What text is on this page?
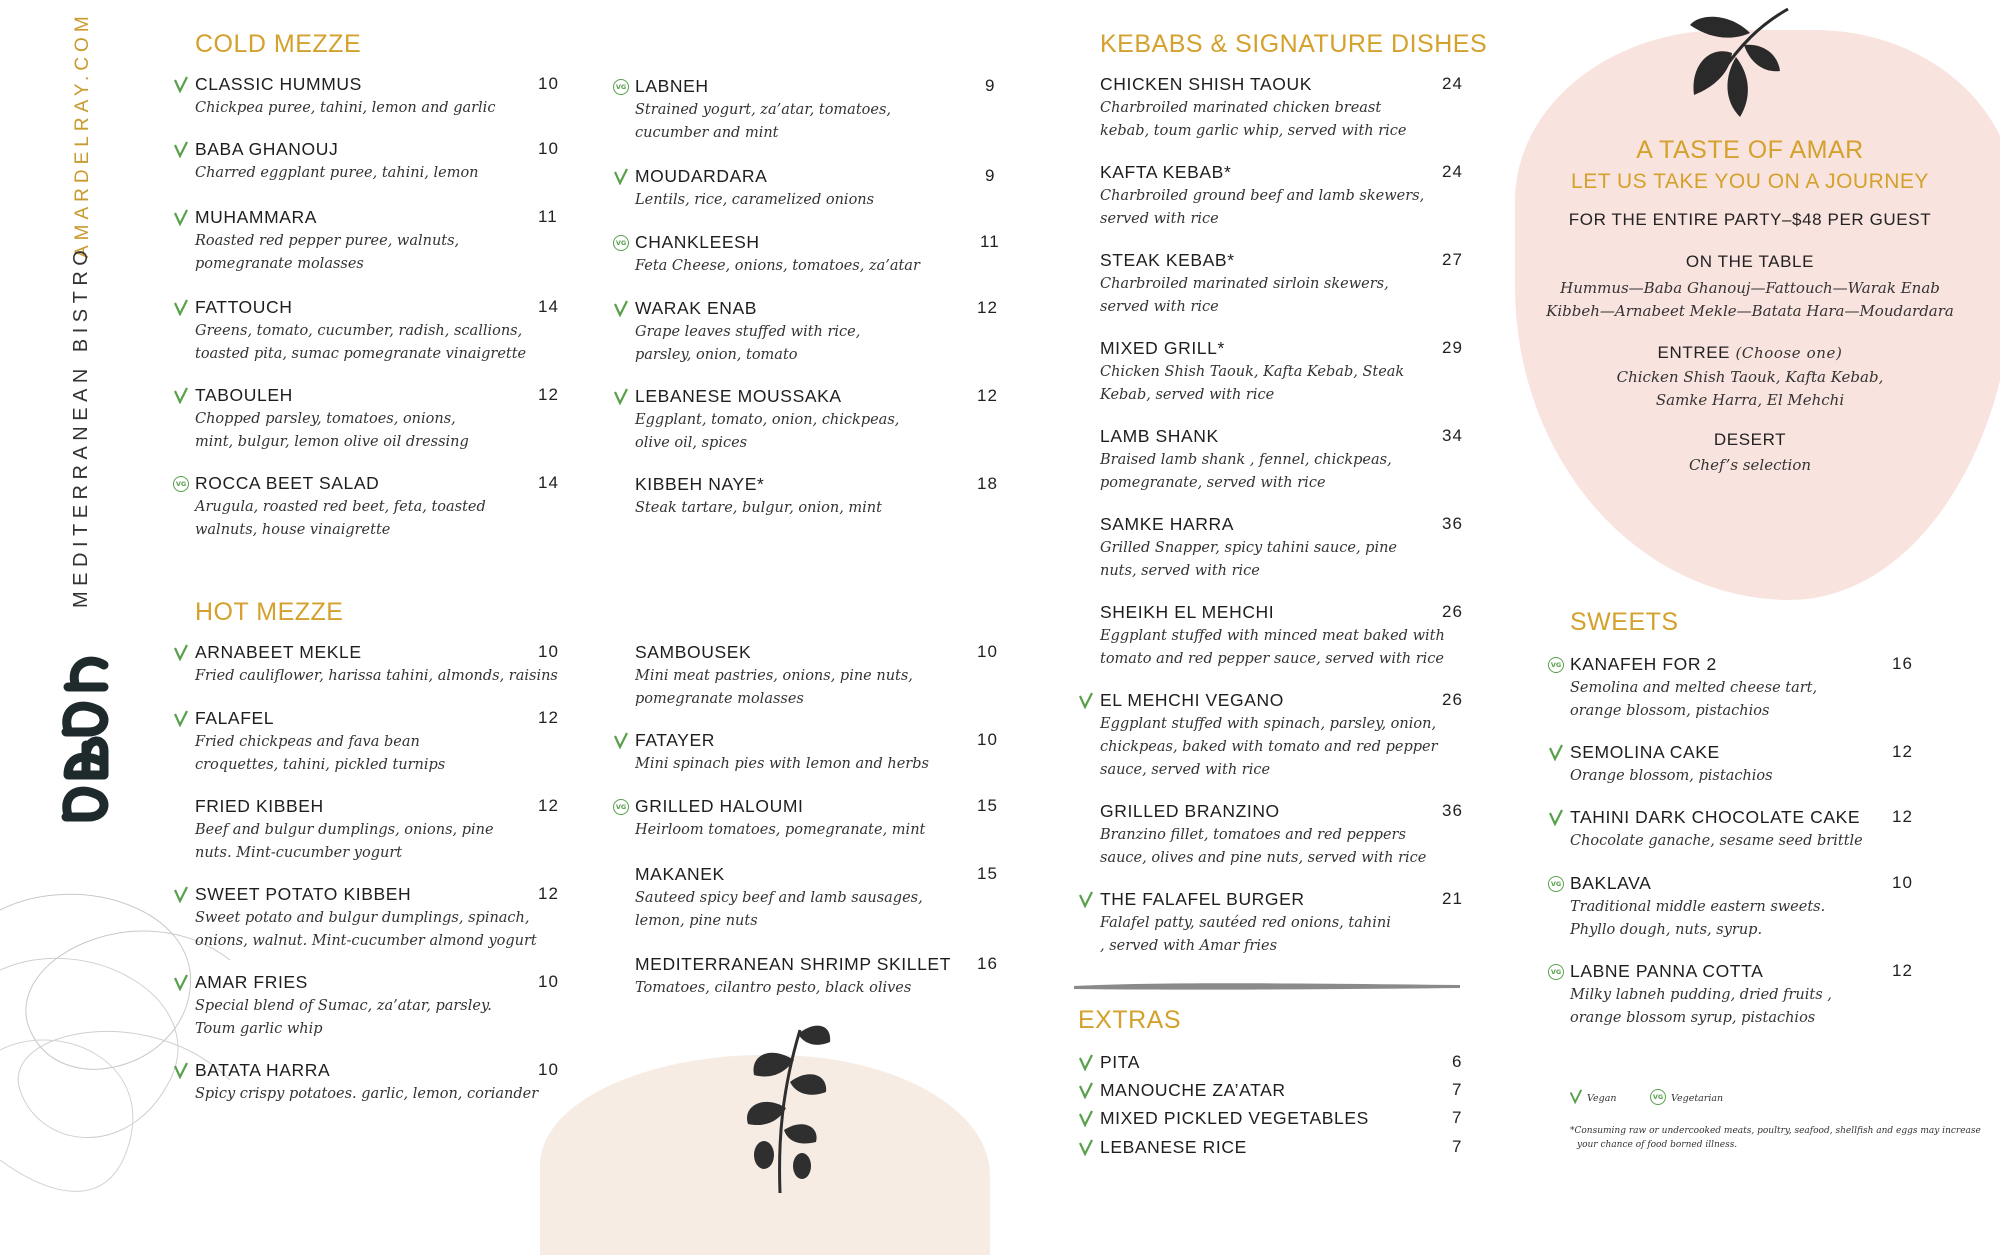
AMARDELRAY.COM
MEDITERRANEAN BISTRO
COLD MEZZE
CLASSIC HUMMUS
Chickpea puree, tahini, lemon and garlic
10
BABA GHANOUJ
Charred eggplant puree, tahini, lemon
10
MUHAMMARA
Roasted red pepper puree, walnuts, pomegranate molasses
11
FATTOUCH
Greens, tomato, cucumber, radish, scallions, toasted pita, sumac pomegranate vinaigrette
14
TABOULEH
Chopped parsley, tomatoes, onions, mint, bulgur, lemon olive oil dressing
12
VG ROCCA BEET SALAD
Arugula, roasted red beet, feta, toasted walnuts, house vinaigrette
14
VG LABNEH
Strained yogurt, za’atar, tomatoes, cucumber and mint
9
MOUDARDARA
Lentils, rice, caramelized onions
9
VG CHANKLEESH
Feta Cheese, onions, tomatoes, za’atar
11
WARAK ENAB
Grape leaves stuffed with rice, parsley, onion, tomato
12
LEBANESE MOUSSAKA
Eggplant, tomato, onion, chickpeas, olive oil, spices
12
KIBBEH NAYE*
Steak tartare, bulgur, onion, mint
18
HOT MEZZE
ARNABEET MEKLE
Fried cauliflower, harissa tahini, almonds, raisins
10
FALAFEL
Fried chickpeas and fava bean croquettes, tahini, pickled turnips
12
FRIED KIBBEH
Beef and bulgur dumplings, onions, pine nuts. Mint-cucumber yogurt
12
SWEET POTATO KIBBEH
Sweet potato and bulgur dumplings, spinach, onions, walnut. Mint-cucumber almond yogurt
12
AMAR FRIES
Special blend of Sumac, za’atar, parsley. Toum garlic whip
10
BATATA HARRA
Spicy crispy potatoes. garlic, lemon, coriander
10
SAMBOUSEK
Mini meat pastries, onions, pine nuts, pomegranate molasses
10
FATAYER
Mini spinach pies with lemon and herbs
10
VG GRILLED HALOUMI
Heirloom tomatoes, pomegranate, mint
15
MAKANEK
Sauteed spicy beef and lamb sausages, lemon, pine nuts
15
MEDITERRANEAN SHRIMP SKILLET
Tomatoes, cilantro pesto, black olives
16
KEBABS & SIGNATURE DISHES
CHICKEN SHISH TAOUK
Charbroiled marinated chicken breast kebab, toum garlic whip, served with rice
24
KAFTA KEBAB*
Charbroiled ground beef and lamb skewers, served with rice
24
STEAK KEBAB*
Charbroiled marinated sirloin skewers, served with rice
27
MIXED GRILL*
Chicken Shish Taouk, Kafta Kebab, Steak Kebab, served with rice
29
LAMB SHANK
Braised lamb shank , fennel, chickpeas, pomegranate, served with rice
34
SAMKE HARRA
Grilled Snapper, spicy tahini sauce, pine nuts, served with rice
36
SHEIKH EL MEHCHI
Eggplant stuffed with minced meat baked with tomato and red pepper sauce, served with rice
26
EL MEHCHI VEGANO
Eggplant stuffed with spinach, parsley, onion, chickpeas, baked with tomato and red pepper sauce, served with rice
26
GRILLED BRANZINO
Branzino fillet, tomatoes and red peppers sauce, olives and pine nuts, served with rice
36
THE FALAFEL BURGER
Falafel patty, sautéed red onions, tahini , served with Amar fries
21
EXTRAS
PITA	6
MANOUCHE ZA’ATAR	7
MIXED PICKLED VEGETABLES	7
LEBANESE RICE	7
A TASTE OF AMAR
LET US TAKE YOU ON A JOURNEY
FOR THE ENTIRE PARTY–$48 PER GUEST
ON THE TABLE
Hummus—Baba Ghanouj—Fattouch—Warak Enab
Kibbeh—Arnabeet Mekle—Batata Hara—Moudardara
ENTREE (Choose one)
Chicken Shish Taouk, Kafta Kebab,
Samke Harra, El Mehchi
DESERT
Chef’s selection
SWEETS
VG KANAFEH FOR 2
Semolina and melted cheese tart, orange blossom, pistachios
16
SEMOLINA CAKE
Orange blossom, pistachios
12
TAHINI DARK CHOCOLATE CAKE
Chocolate ganache, sesame seed brittle
12
VG BAKLAVA
Traditional middle eastern sweets. Phyllo dough, nuts, syrup.
10
VG LABNE PANNA COTTA
Milky labneh pudding, dried fruits , orange blossom syrup, pistachios
12
Vegan	VG Vegetarian
*Consuming raw or undercooked meats, poultry, seafood, shellfish and eggs may increase
your chance of food borned illness.
